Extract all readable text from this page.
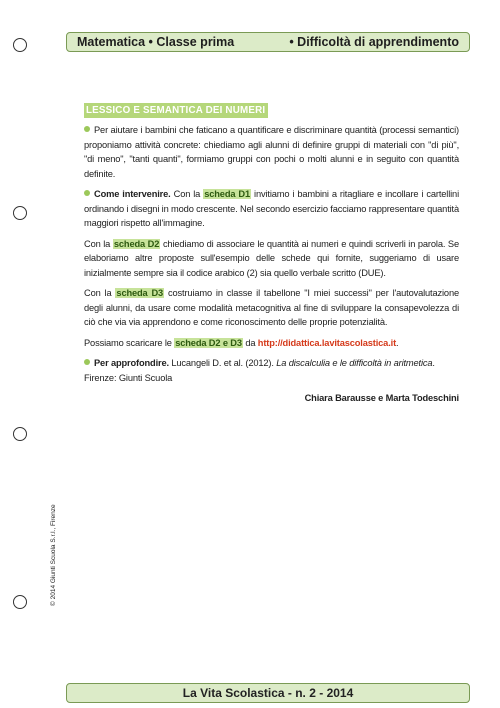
Matematica • Classe prima	• Difficoltà di apprendimento
LESSICO E SEMANTICA DEI NUMERI

Per aiutare i bambini che faticano a quantificare e discriminare quantità (processi semantici) proponiamo attività concrete: chiediamo agli alunni di definire gruppi di materiali con "di più", "di meno", "tanti quanti", formiamo gruppi con pochi o molti alunni e in seguito con quantità definite.

Come intervenire. Con la scheda D1 invitiamo i bambini a ritagliare e incollare i cartellini ordinando i disegni in modo crescente. Nel secondo esercizio facciamo rappresentare quantità maggiori rispetto all'immagine.

Con la scheda D2 chiediamo di associare le quantità ai numeri e quindi scriverli in parola. Se elaboriamo altre proposte sull'esempio delle schede qui fornite, suggeriamo di usare inizialmente sempre sia il codice arabico (2) sia quello verbale scritto (DUE).

Con la scheda D3 costruiamo in classe il tabellone "I miei successi" per l'autovalutazione degli alunni, da usare come modalità metacognitiva al fine di sviluppare la consapevolezza di ciò che via via apprendono e come riconoscimento delle proprie potenzialità.

Possiamo scaricare le scheda D2 e D3 da http://didattica.lavitascolastica.it.

Per approfondire. Lucangeli D. et al. (2012). La discalculia e le difficoltà in aritmetica. Firenze: Giunti Scuola

Chiara Barausse e Marta Todeschini
© 2014 Giunti Scuola S.r.l., Firenze
La Vita Scolastica - n. 2 - 2014
